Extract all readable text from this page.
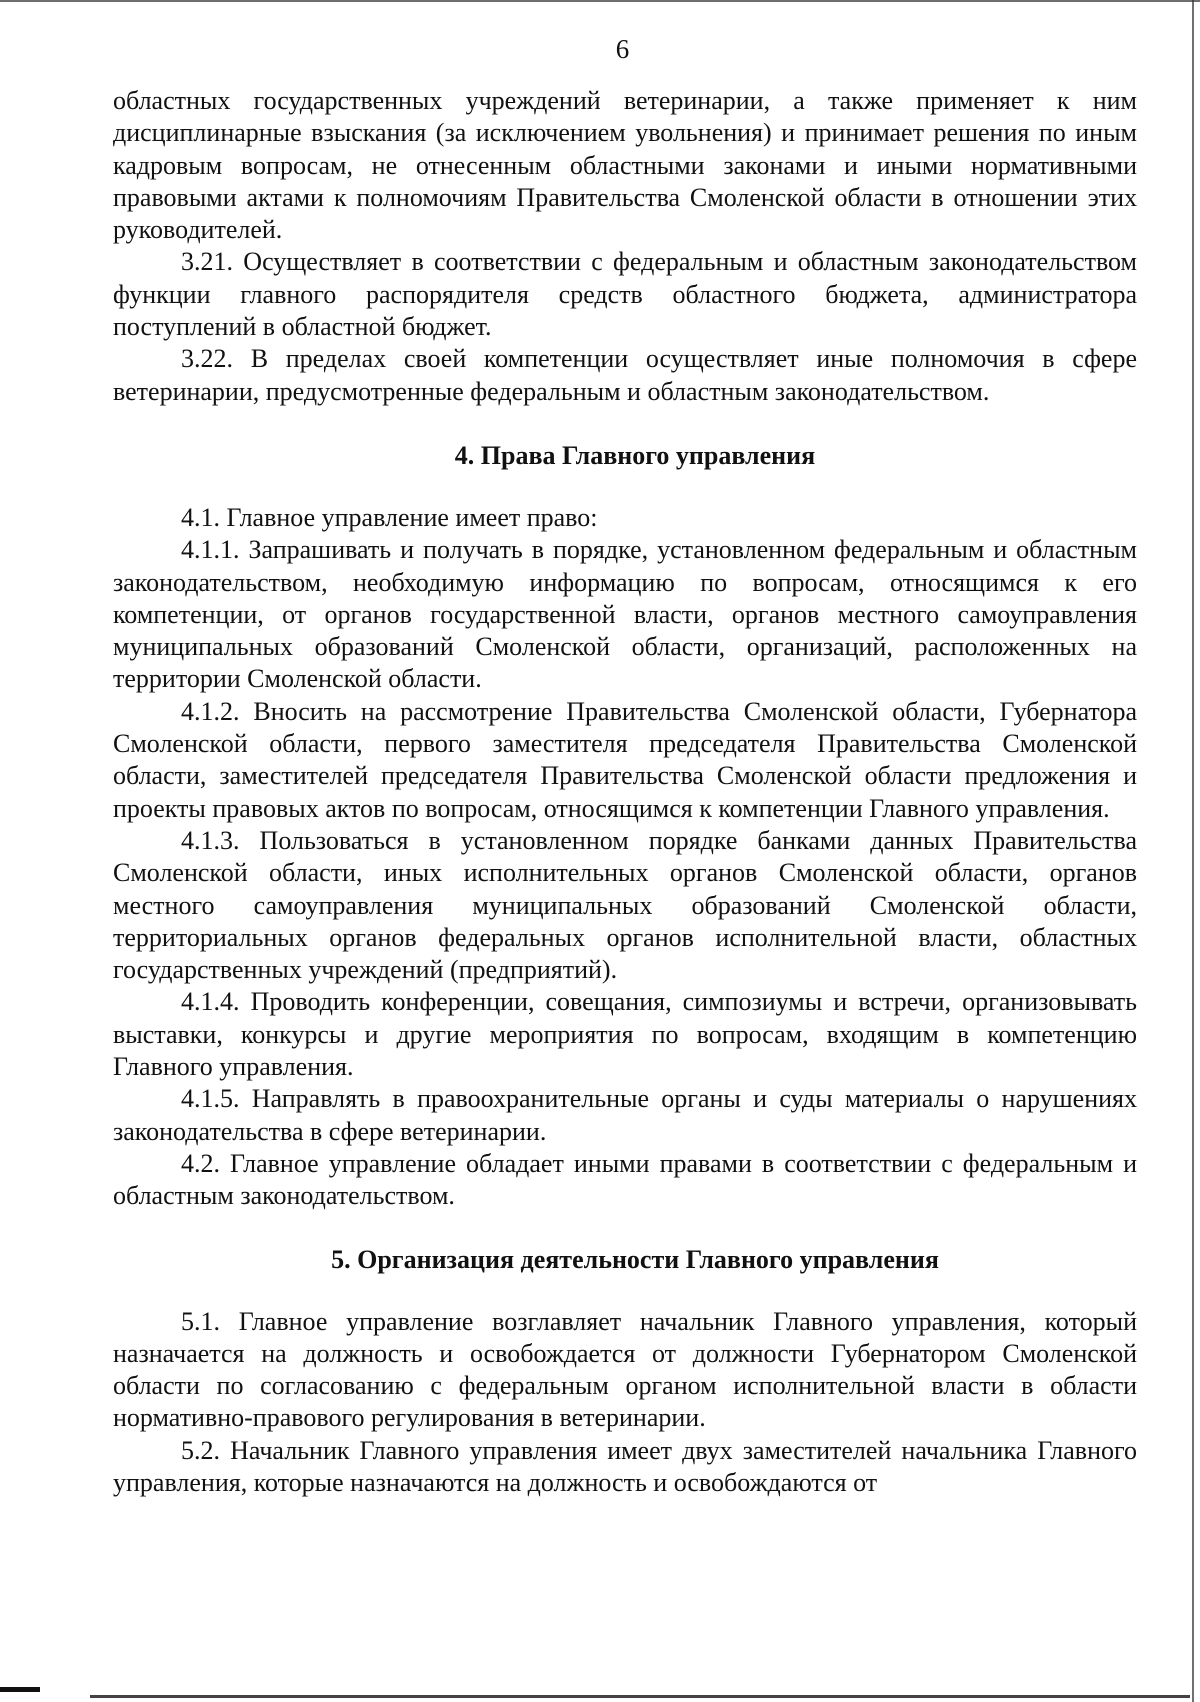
6

областных государственных учреждений ветеринарии, а также применяет к ним дисциплинарные взыскания (за исключением увольнения) и принимает решения по иным кадровым вопросам, не отнесенным областными законами и иными нормативными правовыми актами к полномочиям Правительства Смоленской области в отношении этих руководителей.

3.21. Осуществляет в соответствии с федеральным и областным законодательством функции главного распорядителя средств областного бюджета, администратора поступлений в областной бюджет.

3.22. В пределах своей компетенции осуществляет иные полномочия в сфере ветеринарии, предусмотренные федеральным и областным законодательством.

4. Права Главного управления

4.1. Главное управление имеет право:

4.1.1. Запрашивать и получать в порядке, установленном федеральным и областным законодательством, необходимую информацию по вопросам, относящимся к его компетенции, от органов государственной власти, органов местного самоуправления муниципальных образований Смоленской области, организаций, расположенных на территории Смоленской области.

4.1.2. Вносить на рассмотрение Правительства Смоленской области, Губернатора Смоленской области, первого заместителя председателя Правительства Смоленской области, заместителей председателя Правительства Смоленской области предложения и проекты правовых актов по вопросам, относящимся к компетенции Главного управления.

4.1.3. Пользоваться в установленном порядке банками данных Правительства Смоленской области, иных исполнительных органов Смоленской области, органов местного самоуправления муниципальных образований Смоленской области, территориальных органов федеральных органов исполнительной власти, областных государственных учреждений (предприятий).

4.1.4. Проводить конференции, совещания, симпозиумы и встречи, организовывать выставки, конкурсы и другие мероприятия по вопросам, входящим в компетенцию Главного управления.

4.1.5. Направлять в правоохранительные органы и суды материалы о нарушениях законодательства в сфере ветеринарии.

4.2. Главное управление обладает иными правами в соответствии с федеральным и областным законодательством.

5. Организация деятельности Главного управления

5.1. Главное управление возглавляет начальник Главного управления, который назначается на должность и освобождается от должности Губернатором Смоленской области по согласованию с федеральным органом исполнительной власти в области нормативно-правового регулирования в ветеринарии.

5.2. Начальник Главного управления имеет двух заместителей начальника Главного управления, которые назначаются на должность и освобождаются от
